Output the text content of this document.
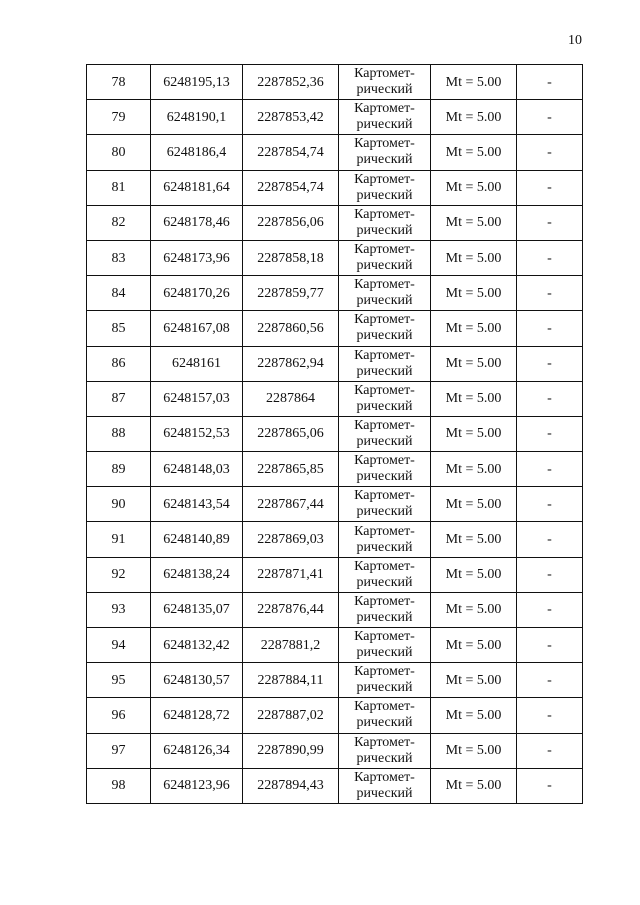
10
78	6248195,13	2287852,36	Картомет-
рический	Mt = 5.00	-
79	6248190,1	2287853,42	Картомет-
рический	Mt = 5.00	-
80	6248186,4	2287854,74	Картомет-
рический	Mt = 5.00	-
81	6248181,64	2287854,74	Картомет-
рический	Mt = 5.00	-
82	6248178,46	2287856,06	Картомет-
рический	Mt = 5.00	-
83	6248173,96	2287858,18	Картомет-
рический	Mt = 5.00	-
84	6248170,26	2287859,77	Картомет-
рический	Mt = 5.00	-
85	6248167,08	2287860,56	Картомет-
рический	Mt = 5.00	-
86	6248161	2287862,94	Картомет-
рический	Mt = 5.00	-
87	6248157,03	2287864	Картомет-
рический	Mt = 5.00	-
88	6248152,53	2287865,06	Картомет-
рический	Mt = 5.00	-
89	6248148,03	2287865,85	Картомет-
рический	Mt = 5.00	-
90	6248143,54	2287867,44	Картомет-
рический	Mt = 5.00	-
91	6248140,89	2287869,03	Картомет-
рический	Mt = 5.00	-
92	6248138,24	2287871,41	Картомет-
рический	Mt = 5.00	-
93	6248135,07	2287876,44	Картомет-
рический	Mt = 5.00	-
94	6248132,42	2287881,2	Картомет-
рический	Mt = 5.00	-
95	6248130,57	2287884,11	Картомет-
рический	Mt = 5.00	-
96	6248128,72	2287887,02	Картомет-
рический	Mt = 5.00	-
97	6248126,34	2287890,99	Картомет-
рический	Mt = 5.00	-
98	6248123,96	2287894,43	Картомет-
рический	Mt = 5.00	-
